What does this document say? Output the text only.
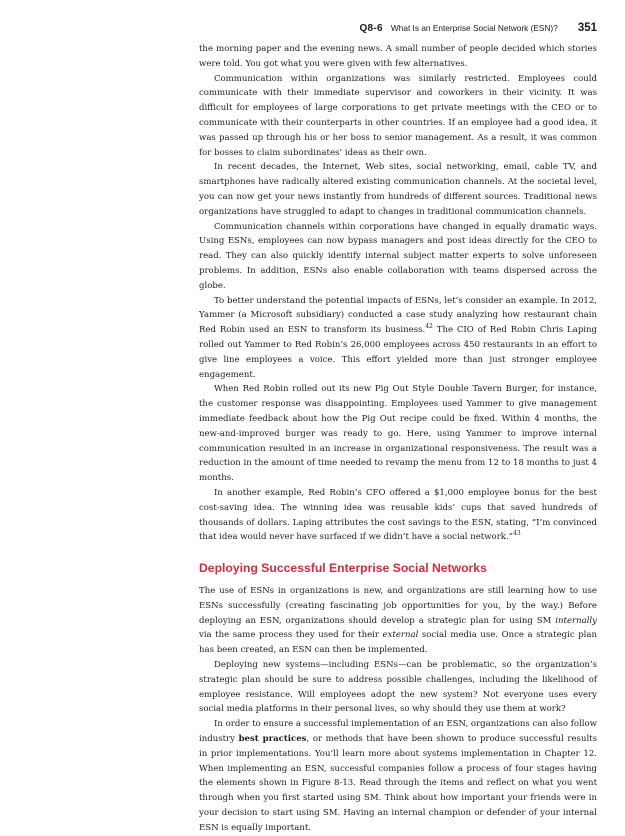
Q8-6 What Is an Enterprise Social Network (ESN)? 351

the morning paper and the evening news. A small number of people decided which stories were told. You got what you were given with few alternatives.

Communication within organizations was similarly restricted. Employees could communicate with their immediate supervisor and coworkers in their vicinity. It was difficult for employees of large corporations to get private meetings with the CEO or to communicate with their counterparts in other countries. If an employee had a good idea, it was passed up through his or her boss to senior management. As a result, it was common for bosses to claim subordinates’ ideas as their own.

In recent decades, the Internet, Web sites, social networking, email, cable TV, and smartphones have radically altered existing communication channels. At the societal level, you can now get your news instantly from hundreds of different sources. Traditional news organizations have struggled to adapt to changes in traditional communication channels.

Communication channels within corporations have changed in equally dramatic ways. Using ESNs, employees can now bypass managers and post ideas directly for the CEO to read. They can also quickly identify internal subject matter experts to solve unforeseen problems. In addition, ESNs also enable collaboration with teams dispersed across the globe.

To better understand the potential impacts of ESNs, let’s consider an example. In 2012, Yammer (a Microsoft subsidiary) conducted a case study analyzing how restaurant chain Red Robin used an ESN to transform its business.$^{42}$ The CIO of Red Robin Chris Laping rolled out Yammer to Red Robin’s 26,000 employees across 450 restaurants in an effort to give line employees a voice. This effort yielded more than just stronger employee engagement.

When Red Robin rolled out its new Pig Out Style Double Tavern Burger, for instance, the customer response was disappointing. Employees used Yammer to give management immediate feedback about how the Pig Out recipe could be fixed. Within 4 months, the new-and-improved burger was ready to go. Here, using Yammer to improve internal communication resulted in an increase in organizational responsiveness. The result was a reduction in the amount of time needed to revamp the menu from 12 to 18 months to just 4 months.

In another example, Red Robin’s CFO offered a $1,000 employee bonus for the best cost-saving idea. The winning idea was reusable kids’ cups that saved hundreds of thousands of dollars. Laping attributes the cost savings to the ESN, stating, “I’m convinced that idea would never have surfaced if we didn’t have a social network.”$^{43}$

Deploying Successful Enterprise Social Networks

The use of ESNs in organizations is new, and organizations are still learning how to use ESNs successfully (creating fascinating job opportunities for you, by the way.) Before deploying an ESN, organizations should develop a strategic plan for using SM internally via the same process they used for their external social media use. Once a strategic plan has been created, an ESN can then be implemented.

Deploying new systems—including ESNs—can be problematic, so the organization’s strategic plan should be sure to address possible challenges, including the likelihood of employee resistance. Will employees adopt the new system? Not everyone uses every social media platforms in their personal lives, so why should they use them at work?

In order to ensure a successful implementation of an ESN, organizations can also follow industry best practices, or methods that have been shown to produce successful results in prior implementations. You’ll learn more about systems implementation in Chapter 12. When implementing an ESN, successful companies follow a process of four stages having the elements shown in Figure 8-13. Read through the items and reflect on what you went through when you first started using SM. Think about how important your friends were in your decision to start using SM. Having an internal champion or defender of your internal ESN is equally important.
